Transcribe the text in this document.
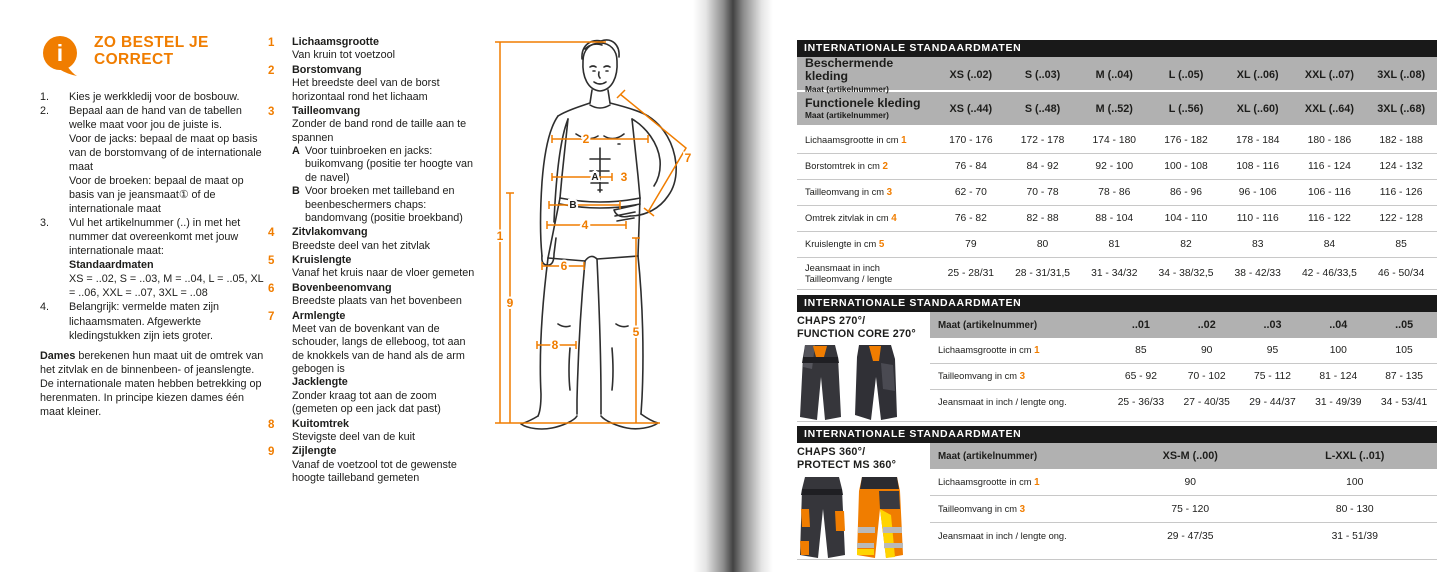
i ZO BESTEL JE CORRECT
1.	Kies je werkkledij voor de bosbouw.
2.	Bepaal aan de hand van de tabellen welke maat voor jou de juiste is.
Voor de jacks: bepaal de maat op basis van de borstomvang of de internationale maat
Voor de broeken: bepaal de maat op basis van je jeansmaat① of de internationale maat
3.	Vul het artikelnummer (..) in met het nummer dat overeenkomt met jouw internationale maat:
Standaardmaten
XS = ..02, S = ..03, M = ..04, L = ..05, XL = ..06, XXL = ..07, 3XL = ..08
4.	Belangrijk: vermelde maten zijn lichaamsmaten. Afgewerkte kledingstukken zijn iets groter.

Dames berekenen hun maat uit de omtrek van het zitvlak en de binnenbeen- of jeanslengte. De internationale maten hebben betrekking op herenmaten. In principe kiezen dames één maat kleiner.

1	Lichaamsgrootte
Van kruin tot voetzool
2	Borstomvang
Het breedste deel van de borst horizontaal rond het lichaam
3	Tailleomvang
Zonder de band rond de taille aan te spannen
A Voor tuinbroeken en jacks: buikomvang (positie ter hoogte van de navel)
B Voor broeken met tailleband en beenbeschermers chaps: bandomvang (positie broekband)
4	Zitvlakomvang
Breedste deel van het zitvlak
5	Kruislengte
Vanaf het kruis naar de vloer gemeten
6	Bovenbeenomvang
Breedste plaats van het bovenbeen
7	Armlengte
Meet van de bovenkant van de schouder, langs de elleboog, tot aan de knokkels van de hand als de arm gebogen is
Jacklengte
Zonder kraag tot aan de zoom (gemeten op een jack dat past)
8	Kuitomtrek
Stevigste deel van de kuit
9	Zijlengte
Vanaf de voetzool tot de gewenste hoogte tailleband gemeten
1
2
3
4
5
6
7
8
9
A
B
INTERNATIONALE STANDAARDMATEN
Beschermende kleding
Maat (artikelnummer)
XS (..02)	S (..03)	M (..04)	L (..05)	XL (..06)	XXL (..07)	3XL (..08)
Functionele kleding
Maat (artikelnummer)
XS (..44)	S (..48)	M (..52)	L (..56)	XL (..60)	XXL (..64)	3XL (..68)
Lichaamsgrootte in cm 1	170 - 176	172 - 178	174 - 180	176 - 182	178 - 184	180 - 186	182 - 188
Borstomtrek in cm 2	76 - 84	84 - 92	92 - 100	100 - 108	108 - 116	116 - 124	124 - 132
Tailleomvang in cm 3	62 - 70	70 - 78	78 - 86	86 - 96	96 - 106	106 - 116	116 - 126
Omtrek zitvlak in cm 4	76 - 82	82 - 88	88 - 104	104 - 110	110 - 116	116 - 122	122 - 128
Kruislengte in cm 5	79	80	81	82	83	84	85
Jeansmaat in inch
Tailleomvang / lengte	25 - 28/31	28 - 31/31,5	31 - 34/32	34 - 38/32,5	38 - 42/33	42 - 46/33,5	46 - 50/34
INTERNATIONALE STANDAARDMATEN
CHAPS 270°/
FUNCTION CORE 270°
Maat (artikelnummer)	..01	..02	..03	..04	..05
Lichaamsgrootte in cm 1	85	90	95	100	105
Tailleomvang in cm 3	65 - 92	70 - 102	75 - 112	81 - 124	87 - 135
Jeansmaat in inch / lengte ong.	25 - 36/33	27 - 40/35	29 - 44/37	31 - 49/39	34 - 53/41
INTERNATIONALE STANDAARDMATEN
CHAPS 360°/
PROTECT MS 360°
Maat (artikelnummer)	XS-M (..00)	L-XXL (..01)
Lichaamsgrootte in cm 1	90	100
Tailleomvang in cm 3	75 - 120	80 - 130
Jeansmaat in inch / lengte ong.	29 - 47/35	31 - 51/39
